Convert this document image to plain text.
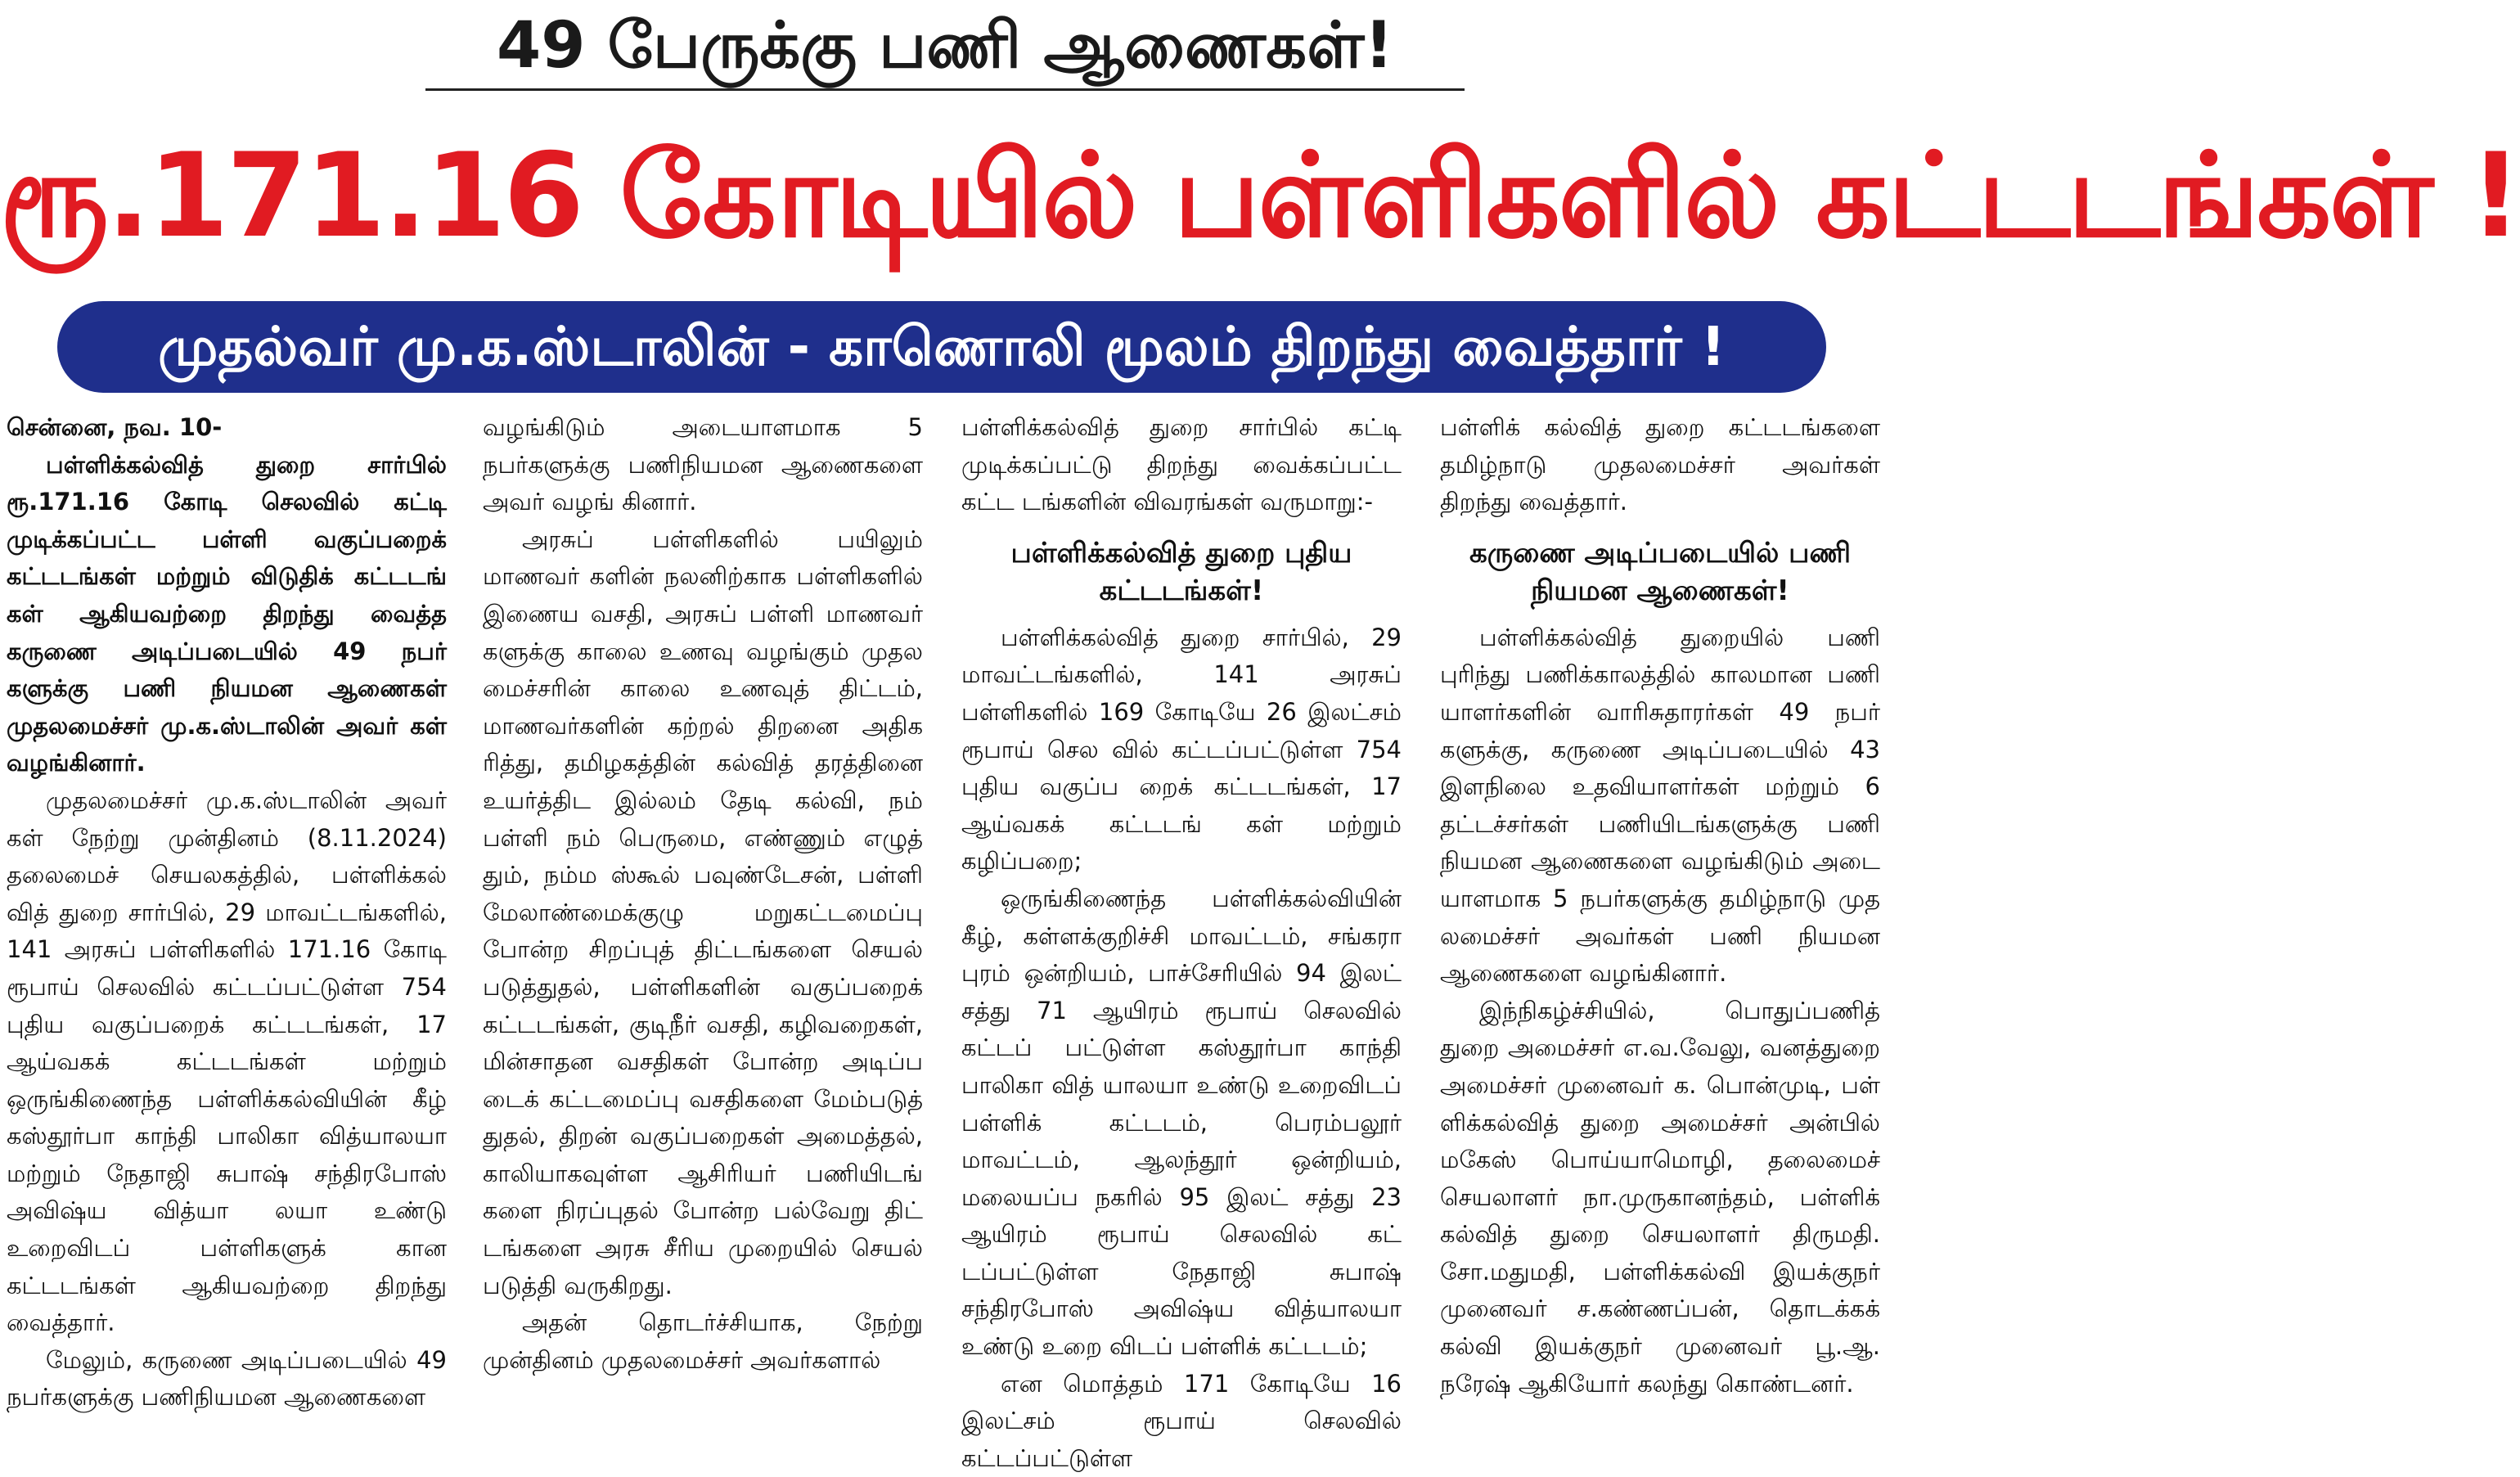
49 பேருக்கு பணி ஆணைகள்!
ரூ.171.16 கோடியில் பள்ளிகளில் கட்டடங்கள் !
முதல்வர் மு.க.ஸ்டாலின் - காணொலி மூலம் திறந்து வைத்தார் !

சென்னை, நவ. 10-

பள்ளிக்கல்வித் துறை சார்பில் ரூ.171.16 கோடி செலவில் கட்டி முடிக்கப்பட்ட பள்ளி வகுப்பறைக் கட்டடங்கள் மற்றும் விடுதிக் கட்டடங் கள் ஆகியவற்றை திறந்து வைத்த கருணை அடிப்படையில் 49 நபர் களுக்கு பணி நியமன ஆணைகள் முதலமைச்சர் மு.க.ஸ்டாலின் அவர் கள் வழங்கினார்.

முதலமைச்சர் மு.க.ஸ்டாலின் அவர் கள் நேற்று முன்தினம் (8.11.2024) தலைமைச் செயலகத்தில், பள்ளிக்கல் வித் துறை சார்பில், 29 மாவட்டங்களில், 141 அரசுப் பள்ளிகளில் 171.16 கோடி ரூபாய் செலவில் கட்டப்பட்டுள்ள 754 புதிய வகுப்பறைக் கட்டடங்கள், 17 ஆய்வகக் கட்டடங்கள் மற்றும் ஒருங்கிணைந்த பள்ளிக்கல்வியின் கீழ் கஸ்தூர்பா காந்தி பாலிகா வித்யாலயா மற்றும் நேதாஜி சுபாஷ் சந்திரபோஸ் அவிஷ்ய வித்யா லயா உண்டு உறைவிடப் பள்ளிகளுக் கான கட்டடங்கள் ஆகியவற்றை திறந்து வைத்தார்.

மேலும், கருணை அடிப்படையில் 49 நபர்களுக்கு பணிநியமன ஆணைகளை

வழங்கிடும் அடையாளமாக 5 நபர்களுக்கு பணிநியமன ஆணைகளை அவர் வழங் கினார்.

அரசுப் பள்ளிகளில் பயிலும் மாணவர் களின் நலனிற்காக பள்ளிகளில் இணைய வசதி, அரசுப் பள்ளி மாணவர் களுக்கு காலை உணவு வழங்கும் முதல மைச்சரின் காலை உணவுத் திட்டம், மாணவர்களின் கற்றல் திறனை அதிக ரித்து, தமிழகத்தின் கல்வித் தரத்தினை உயர்த்திட இல்லம் தேடி கல்வி, நம் பள்ளி நம் பெருமை, எண்ணும் எழுத் தும், நம்ம ஸ்கூல் பவுண்டேசன், பள்ளி மேலாண்மைக்குழு மறுகட்டமைப்பு போன்ற சிறப்புத் திட்டங்களை செயல் படுத்துதல், பள்ளிகளின் வகுப்பறைக் கட்டடங்கள், குடிநீர் வசதி, கழிவறைகள், மின்சாதன வசதிகள் போன்ற அடிப்ப டைக் கட்டமைப்பு வசதிகளை மேம்படுத் துதல், திறன் வகுப்பறைகள் அமைத்தல், காலியாகவுள்ள ஆசிரியர் பணியிடங் களை நிரப்புதல் போன்ற பல்வேறு திட் டங்களை அரசு சீரிய முறையில் செயல் படுத்தி வருகிறது.

அதன் தொடர்ச்சியாக, நேற்று முன்தினம் முதலமைச்சர் அவர்களால்

பள்ளிக்கல்வித் துறை சார்பில் கட்டி முடிக்கப்பட்டு திறந்து வைக்கப்பட்ட கட்ட டங்களின் விவரங்கள் வருமாறு:-

பள்ளிக்கல்வித் துறை புதிய கட்டடங்கள்!

பள்ளிக்கல்வித் துறை சார்பில், 29 மாவட்டங்களில், 141 அரசுப் பள்ளிகளில் 169 கோடியே 26 இலட்சம் ரூபாய் செல வில் கட்டப்பட்டுள்ள 754 புதிய வகுப்ப றைக் கட்டடங்கள், 17 ஆய்வகக் கட்டடங் கள் மற்றும் கழிப்பறை;

ஒருங்கிணைந்த பள்ளிக்கல்வியின் கீழ், கள்ளக்குறிச்சி மாவட்டம், சங்கரா புரம் ஒன்றியம், பாச்சேரியில் 94 இலட் சத்து 71 ஆயிரம் ரூபாய் செலவில் கட்டப் பட்டுள்ள கஸ்தூர்பா காந்தி பாலிகா வித் யாலயா உண்டு உறைவிடப் பள்ளிக் கட்டடம், பெரம்பலூர் மாவட்டம், ஆலந்தூர் ஒன்றியம், மலையப்ப நகரில் 95 இலட் சத்து 23 ஆயிரம் ரூபாய் செலவில் கட் டப்பட்டுள்ள நேதாஜி சுபாஷ் சந்திரபோஸ் அவிஷ்ய வித்யாலயா உண்டு உறை விடப் பள்ளிக் கட்டடம்;

என மொத்தம் 171 கோடியே 16 இலட்சம் ரூபாய் செலவில் கட்டப்பட்டுள்ள

பள்ளிக் கல்வித் துறை கட்டடங்களை தமிழ்நாடு முதலமைச்சர் அவர்கள் திறந்து வைத்தார்.

கருணை அடிப்படையில் பணி நியமன ஆணைகள்!

பள்ளிக்கல்வித் துறையில் பணி புரிந்து பணிக்காலத்தில் காலமான பணி யாளர்களின் வாரிசுதாரர்கள் 49 நபர் களுக்கு, கருணை அடிப்படையில் 43 இளநிலை உதவியாளர்கள் மற்றும் 6 தட்டச்சர்கள் பணியிடங்களுக்கு பணி நியமன ஆணைகளை வழங்கிடும் அடை யாளமாக 5 நபர்களுக்கு தமிழ்நாடு முத லமைச்சர் அவர்கள் பணி நியமன ஆணைகளை வழங்கினார்.

இந்நிகழ்ச்சியில், பொதுப்பணித் துறை அமைச்சர் எ.வ.வேலு, வனத்துறை அமைச்சர் முனைவர் க. பொன்முடி, பள் ளிக்கல்வித் துறை அமைச்சர் அன்பில் மகேஸ் பொய்யாமொழி, தலைமைச் செயலாளர் நா.முருகானந்தம், பள்ளிக் கல்வித் துறை செயலாளர் திருமதி. சோ.மதுமதி, பள்ளிக்கல்வி இயக்குநர் முனைவர் ச.கண்ணப்பன், தொடக்கக் கல்வி இயக்குநர் முனைவர் பூ.ஆ. நரேஷ் ஆகியோர் கலந்து கொண்டனர்.
